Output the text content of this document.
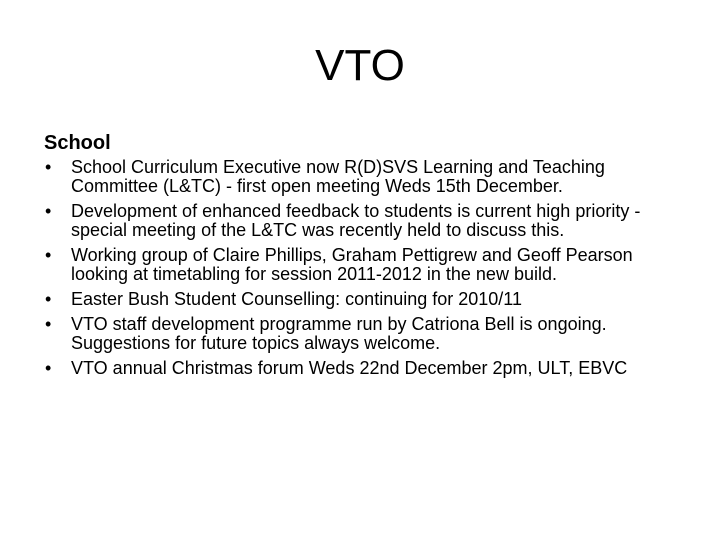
VTO
School
• School Curriculum Executive now R(D)SVS Learning and Teaching Committee (L&TC) - first open meeting Weds 15th December.
• Development of enhanced feedback to students is current high priority - special meeting of the L&TC was recently held to discuss this.
• Working group of Claire Phillips, Graham Pettigrew and Geoff Pearson looking at timetabling for session 2011-2012 in the new build.
• Easter Bush Student Counselling: continuing for 2010/11
• VTO staff development programme run by Catriona Bell is ongoing. Suggestions for future topics always welcome.
• VTO annual Christmas forum Weds 22nd December 2pm, ULT, EBVC
